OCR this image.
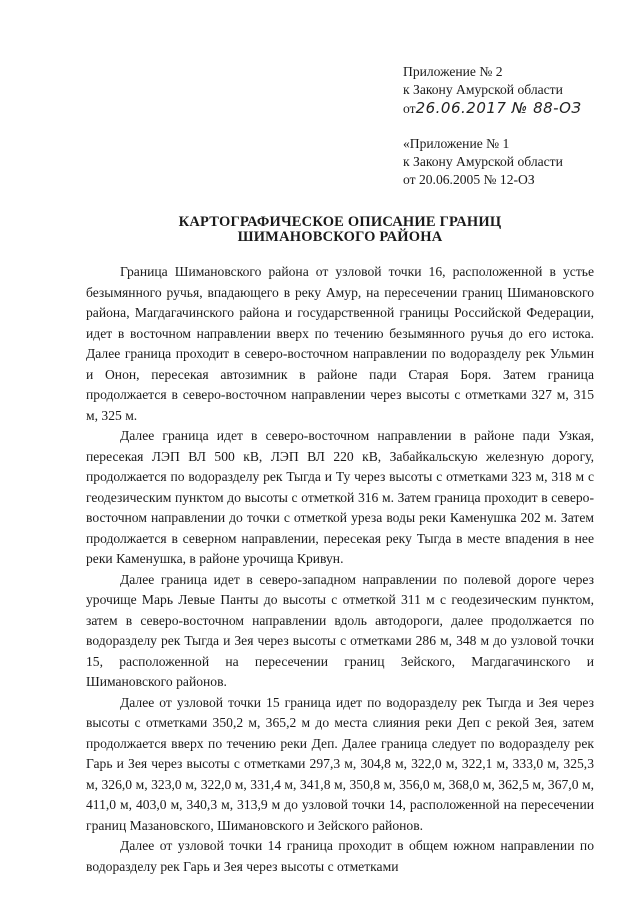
Приложение № 2
к Закону Амурской области
от26.06.2017 № 88-ОЗ
«Приложение № 1
к Закону Амурской области
от 20.06.2005 № 12-ОЗ
КАРТОГРАФИЧЕСКОЕ ОПИСАНИЕ ГРАНИЦ
ШИМАНОВСКОГО РАЙОНА

Граница Шимановского района от узловой точки 16, расположенной в устье безымянного ручья, впадающего в реку Амур, на пересечении границ Шимановского района, Магдагачинского района и государственной границы Российской Федерации, идет в восточном направлении вверх по течению безымянного ручья до его истока. Далее граница проходит в северо-восточном направлении по водоразделу рек Ульмин и Онон, пересекая автозимник в районе пади Старая Боря. Затем граница продолжается в северо-восточном направлении через высоты с отметками 327 м, 315 м, 325 м.

Далее граница идет в северо-восточном направлении в районе пади Узкая, пересекая ЛЭП ВЛ 500 кВ, ЛЭП ВЛ 220 кВ, Забайкальскую железную дорогу, продолжается по водоразделу рек Тыгда и Ту через высоты с отметками 323 м, 318 м с геодезическим пунктом до высоты с отметкой 316 м. Затем граница проходит в северо-восточном направлении до точки с отметкой уреза воды реки Каменушка 202 м. Затем продолжается в северном направлении, пересекая реку Тыгда в месте впадения в нее реки Каменушка, в районе урочища Кривун.

Далее граница идет в северо-западном направлении по полевой дороге через урочище Марь Левые Панты до высоты с отметкой 311 м с геодезическим пунктом, затем в северо-восточном направлении вдоль автодороги, далее продолжается по водоразделу рек Тыгда и Зея через высоты с отметками 286 м, 348 м до узловой точки 15, расположенной на пересечении границ Зейского, Магдагачинского и Шимановского районов.

Далее от узловой точки 15 граница идет по водоразделу рек Тыгда и Зея через высоты с отметками 350,2 м, 365,2 м до места слияния реки Деп с рекой Зея, затем продолжается вверх по течению реки Деп. Далее граница следует по водоразделу рек Гарь и Зея через высоты с отметками 297,3 м, 304,8 м, 322,0 м, 322,1 м, 333,0 м, 325,3 м, 326,0 м, 323,0 м, 322,0 м, 331,4 м, 341,8 м, 350,8 м, 356,0 м, 368,0 м, 362,5 м, 367,0 м, 411,0 м, 403,0 м, 340,3 м, 313,9 м до узловой точки 14, расположенной на пересечении границ Мазановского, Шимановского и Зейского районов.

Далее от узловой точки 14 граница проходит в общем южном направлении по водоразделу рек Гарь и Зея через высоты с отметками
